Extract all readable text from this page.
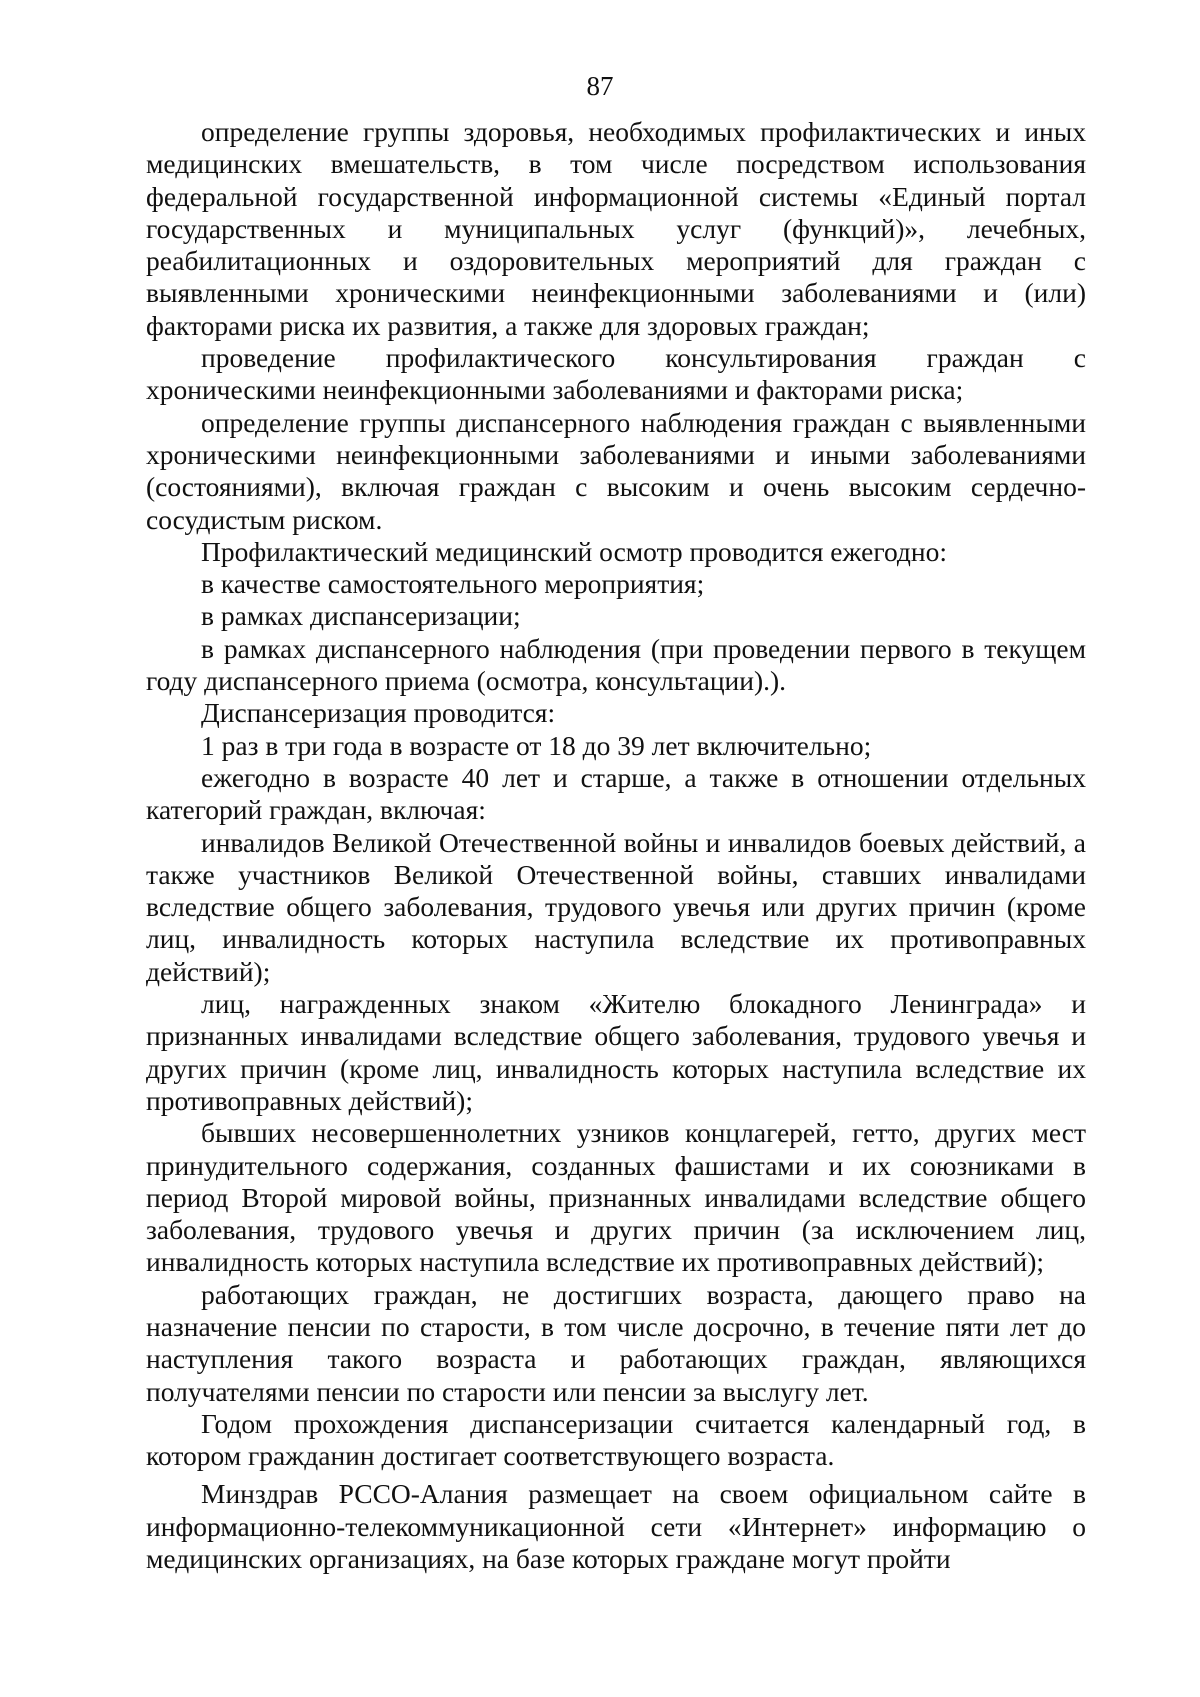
87

определение группы здоровья, необходимых профилактических и иных медицинских вмешательств, в том числе посредством использования федеральной государственной информационной системы «Единый портал государственных и муниципальных услуг (функций)», лечебных, реабилитационных и оздоровительных мероприятий для граждан с выявленными хроническими неинфекционными заболеваниями и (или) факторами риска их развития, а также для здоровых граждан;

проведение профилактического консультирования граждан с хроническими неинфекционными заболеваниями и факторами риска;

определение группы диспансерного наблюдения граждан с выявленными хроническими неинфекционными заболеваниями и иными заболеваниями (состояниями), включая граждан с высоким и очень высоким сердечно-сосудистым риском.

Профилактический медицинский осмотр проводится ежегодно:

в качестве самостоятельного мероприятия;

в рамках диспансеризации;

в рамках диспансерного наблюдения (при проведении первого в текущем году диспансерного приема (осмотра, консультации).).

Диспансеризация проводится:

1 раз в три года в возрасте от 18 до 39 лет включительно;

ежегодно в возрасте 40 лет и старше, а также в отношении отдельных категорий граждан, включая:

инвалидов Великой Отечественной войны и инвалидов боевых действий, а также участников Великой Отечественной войны, ставших инвалидами вследствие общего заболевания, трудового увечья или других причин (кроме лиц, инвалидность которых наступила вследствие их противоправных действий);

лиц, награжденных знаком «Жителю блокадного Ленинграда» и признанных инвалидами вследствие общего заболевания, трудового увечья и других причин (кроме лиц, инвалидность которых наступила вследствие их противоправных действий);

бывших несовершеннолетних узников концлагерей, гетто, других мест принудительного содержания, созданных фашистами и их союзниками в период Второй мировой войны, признанных инвалидами вследствие общего заболевания, трудового увечья и других причин (за исключением лиц, инвалидность которых наступила вследствие их противоправных действий);

работающих граждан, не достигших возраста, дающего право на назначение пенсии по старости, в том числе досрочно, в течение пяти лет до наступления такого возраста и работающих граждан, являющихся получателями пенсии по старости или пенсии за выслугу лет.

Годом прохождения диспансеризации считается календарный год, в котором гражданин достигает соответствующего возраста.

Минздрав РССО-Алания размещает на своем официальном сайте в информационно-телекоммуникационной сети «Интернет» информацию о медицинских организациях, на базе которых граждане могут пройти
